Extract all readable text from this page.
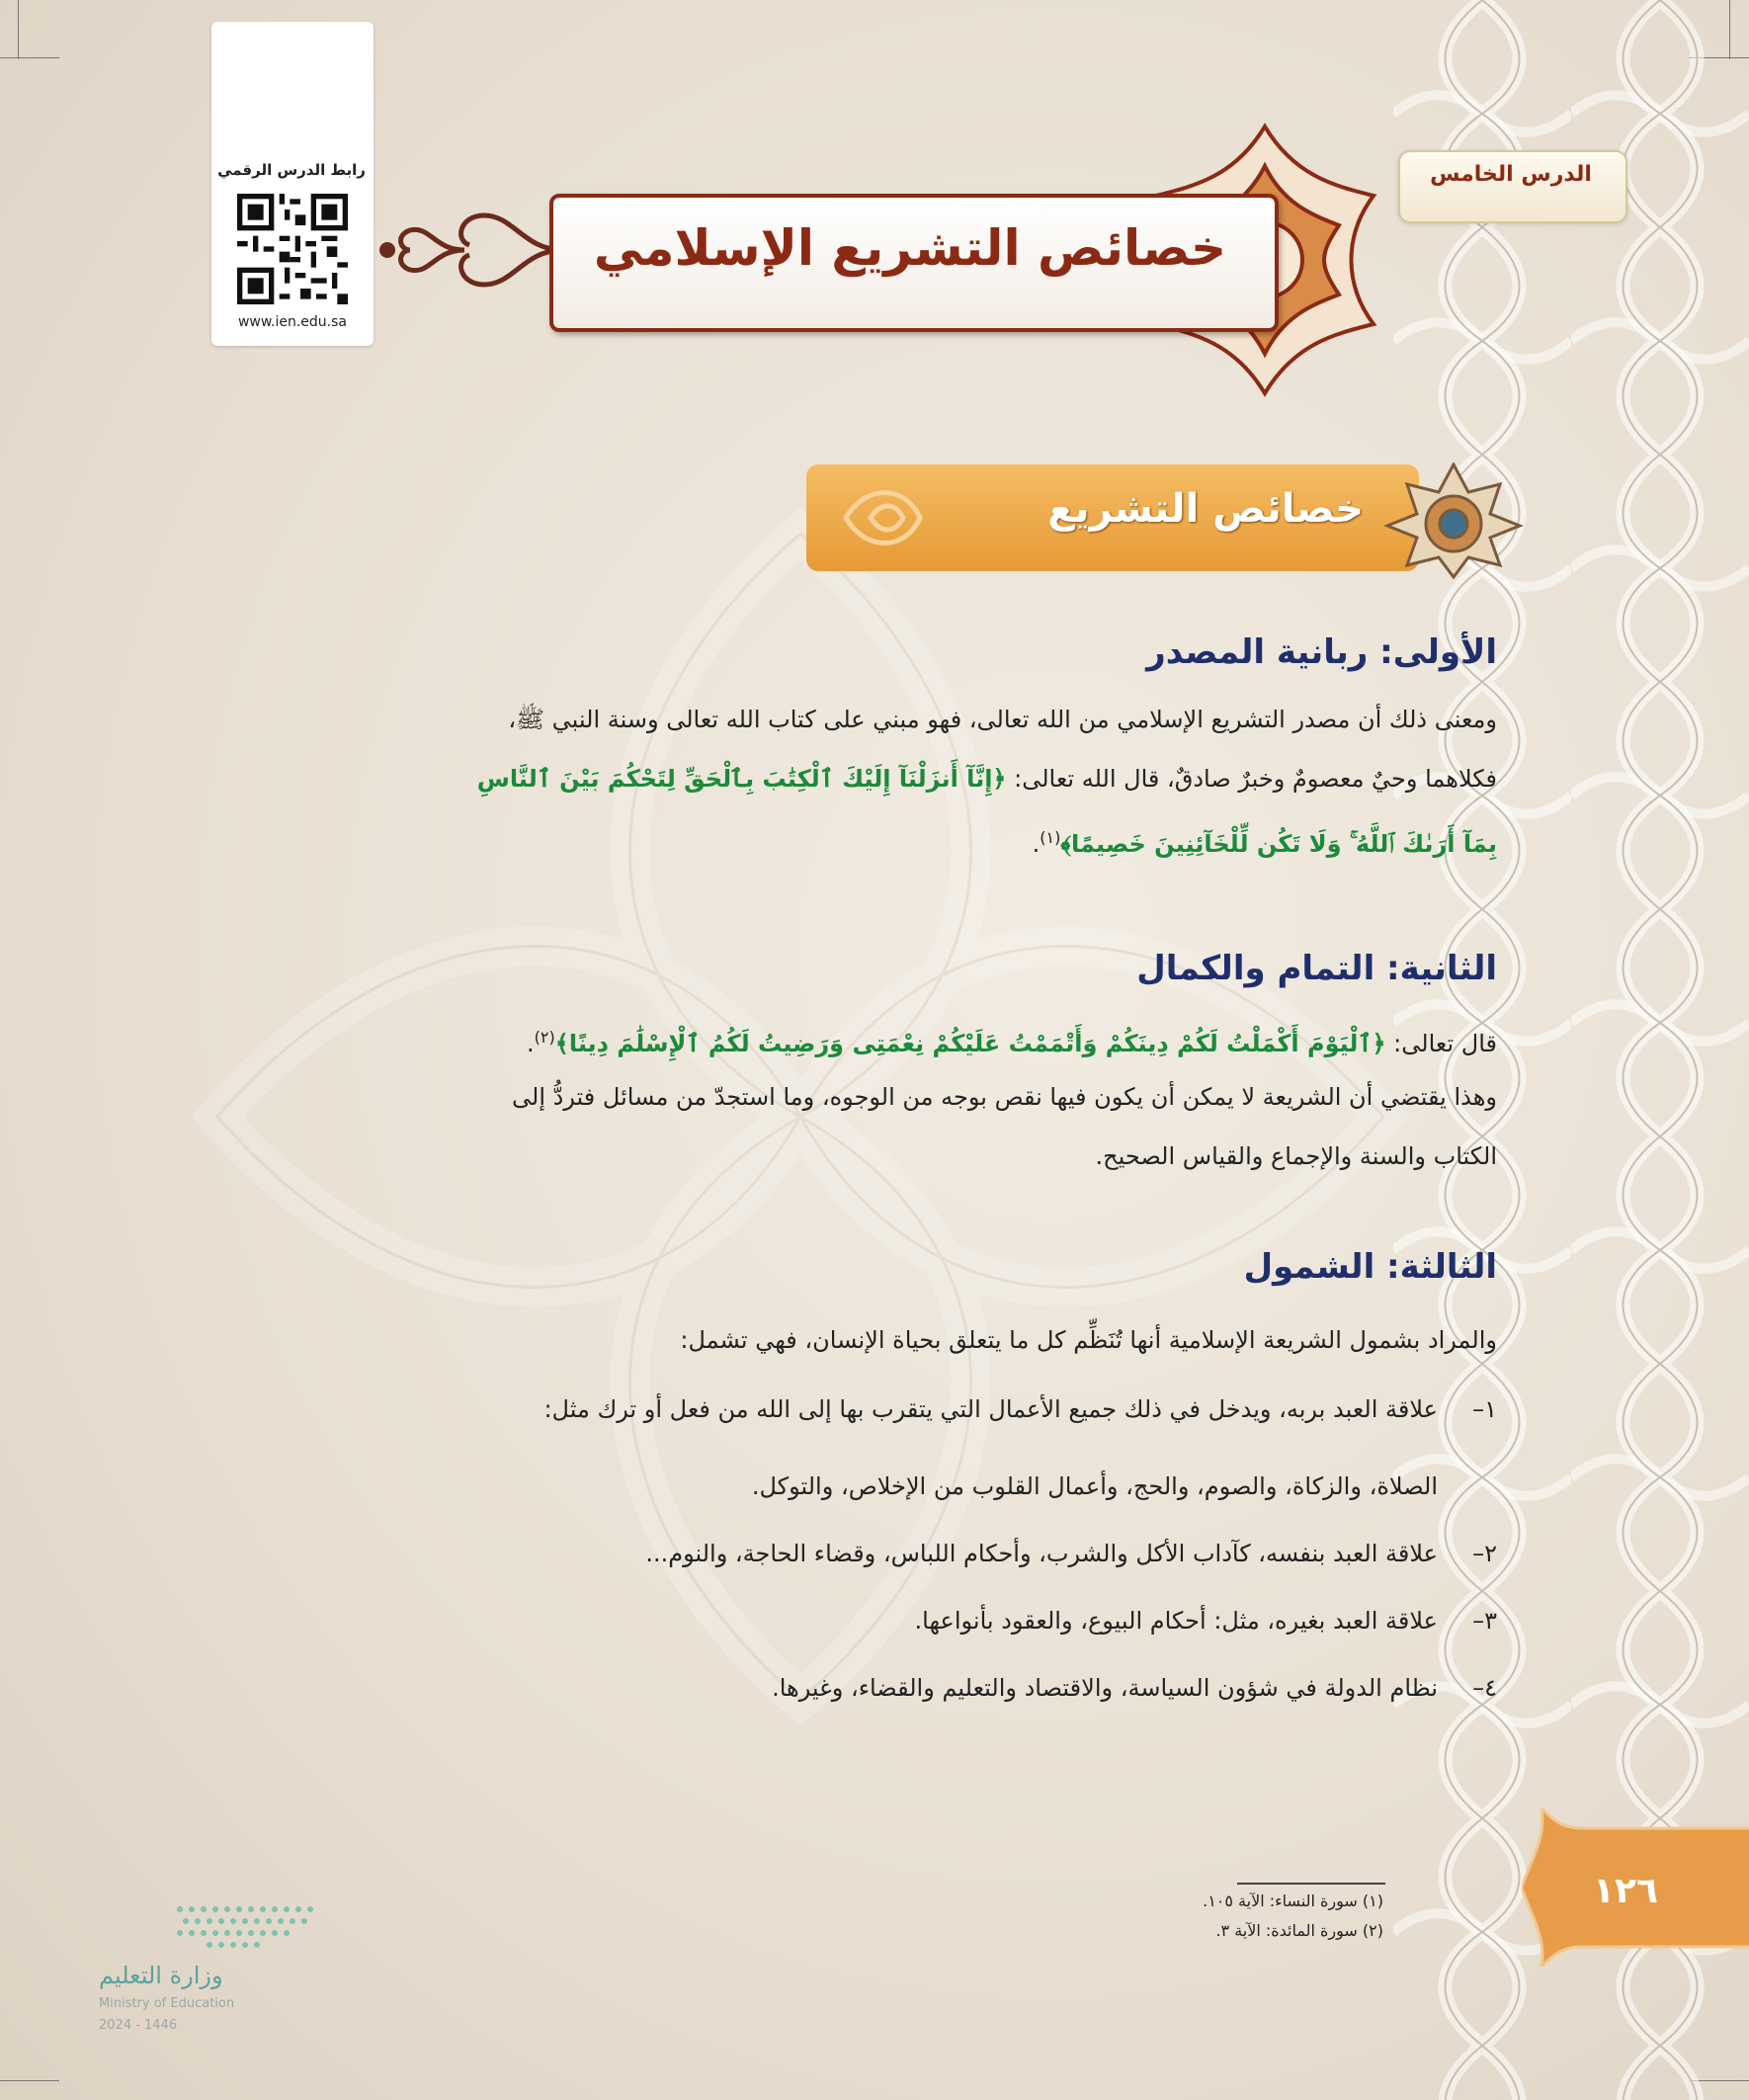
رابط الدرس الرقمي
www.ien.edu.sa
الدرس الخامس
خصائص التشريع الإسلامي
خصائص التشريع
الأولى: ربانية المصدر
ومعنى ذلك أن مصدر التشريع الإسلامي من الله تعالى، فهو مبني على كتاب الله تعالى وسنة النبي ﷺ،
فكلاهما وحيٌ معصومٌ وخبرٌ صادقٌ، قال الله تعالى: ﴿إِنَّآ أَنزَلْنَآ إِلَيْكَ ٱلْكِتَٰبَ بِٱلْحَقِّ لِتَحْكُمَ بَيْنَ ٱلنَّاسِ
بِمَآ أَرَىٰكَ ٱللَّهُ ۚ وَلَا تَكُن لِّلْخَآئِنِينَ خَصِيمًا﴾$^{(١)}$.
الثانية: التمام والكمال
قال تعالى: ﴿ٱلْيَوْمَ أَكْمَلْتُ لَكُمْ دِينَكُمْ وَأَتْمَمْتُ عَلَيْكُمْ نِعْمَتِى وَرَضِيتُ لَكُمُ ٱلْإِسْلَٰمَ دِينًا﴾$^{(٢)}$.
وهذا يقتضي أن الشريعة لا يمكن أن يكون فيها نقص بوجه من الوجوه، وما استجدّ من مسائل فتردُّ إلى
الكتاب والسنة والإجماع والقياس الصحيح.
الثالثة: الشمول
والمراد بشمول الشريعة الإسلامية أنها تُنَظِّم كل ما يتعلق بحياة الإنسان، فهي تشمل:
١–علاقة العبد بربه، ويدخل في ذلك جميع الأعمال التي يتقرب بها إلى الله من فعل أو ترك مثل:
الصلاة، والزكاة، والصوم، والحج، وأعمال القلوب من الإخلاص، والتوكل.
٢–علاقة العبد بنفسه، كآداب الأكل والشرب، وأحكام اللباس، وقضاء الحاجة، والنوم...
٣–علاقة العبد بغيره، مثل: أحكام البيوع، والعقود بأنواعها.
٤–نظام الدولة في شؤون السياسة، والاقتصاد والتعليم والقضاء، وغيرها.
(١) سورة النساء: الآية ١٠٥.
(٢) سورة المائدة: الآية ٣.
١٢٦
وزارة التعليم
Ministry of Education
2024 - 1446
